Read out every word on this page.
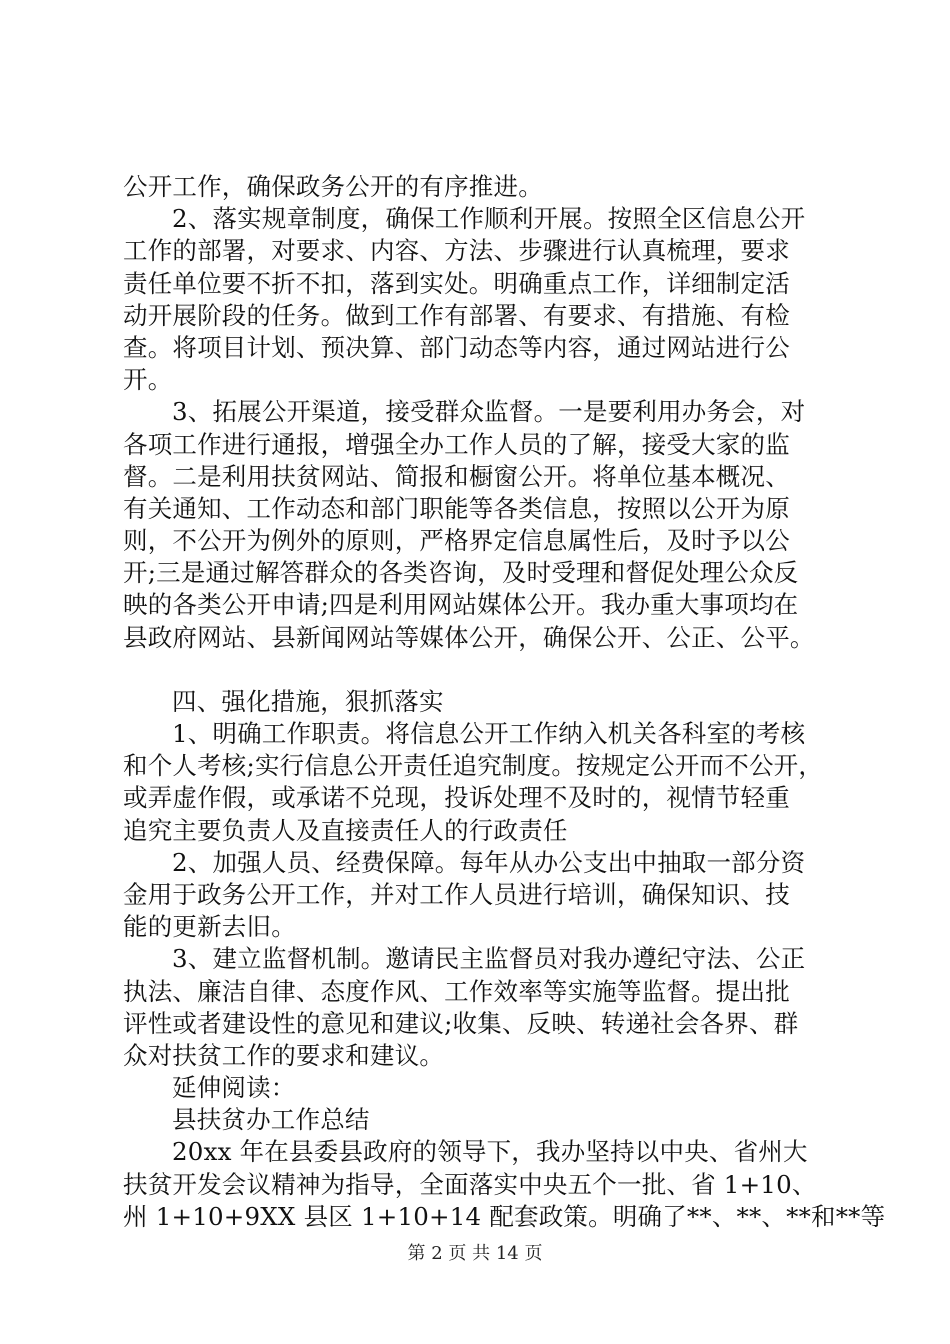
公开工作，确保政务公开的有序推进。
2、落实规章制度，确保工作顺利开展。按照全区信息公开
工作的部署，对要求、内容、方法、步骤进行认真梳理，要求
责任单位要不折不扣，落到实处。明确重点工作，详细制定活
动开展阶段的任务。做到工作有部署、有要求、有措施、有检
查。将项目计划、预决算、部门动态等内容，通过网站进行公
开。
3、拓展公开渠道，接受群众监督。一是要利用办务会，对
各项工作进行通报，增强全办工作人员的了解，接受大家的监
督。二是利用扶贫网站、简报和橱窗公开。将单位基本概况、
有关通知、工作动态和部门职能等各类信息，按照以公开为原
则，不公开为例外的原则，严格界定信息属性后，及时予以公
开;三是通过解答群众的各类咨询，及时受理和督促处理公众反
映的各类公开申请;四是利用网站媒体公开。我办重大事项均在
县政府网站、县新闻网站等媒体公开，确保公开、公正、公平。
四、强化措施，狠抓落实
1、明确工作职责。将信息公开工作纳入机关各科室的考核
和个人考核;实行信息公开责任追究制度。按规定公开而不公开，
或弄虚作假，或承诺不兑现，投诉处理不及时的，视情节轻重
追究主要负责人及直接责任人的行政责任
2、加强人员、经费保障。每年从办公支出中抽取一部分资
金用于政务公开工作，并对工作人员进行培训，确保知识、技
能的更新去旧。
3、建立监督机制。邀请民主监督员对我办遵纪守法、公正
执法、廉洁自律、态度作风、工作效率等实施等监督。提出批
评性或者建设性的意见和建议;收集、反映、转递社会各界、群
众对扶贫工作的要求和建议。
延伸阅读：
县扶贫办工作总结
20xx 年在县委县政府的领导下，我办坚持以中央、省州大
扶贫开发会议精神为指导，全面落实中央五个一批、省 1+10、
州 1+10+9XX 县区 1+10+14 配套政策。明确了**、**、**和**等
第 2 页 共 14 页
